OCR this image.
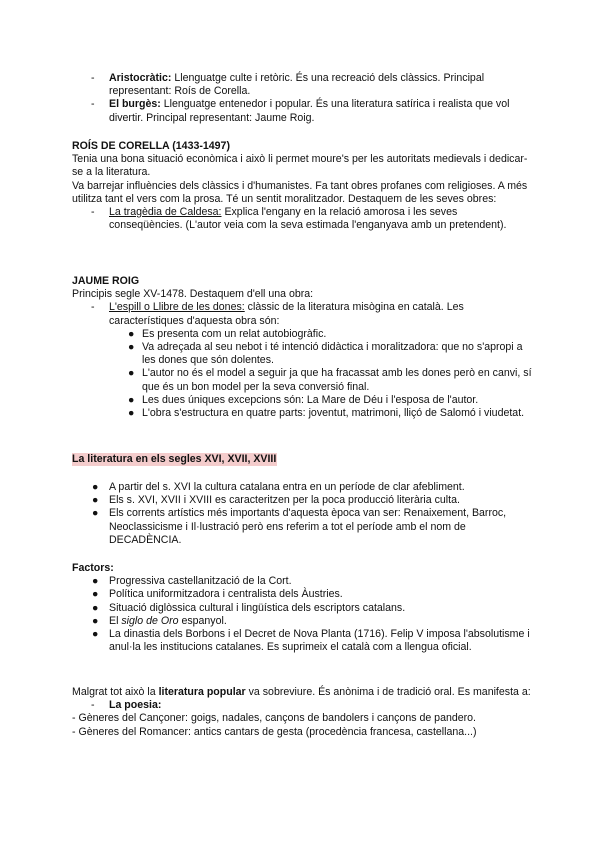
- Aristocràtic: Llenguatge culte i retòric. És una recreació dels clàssics. Principal representant: Roís de Corella.
- El burgès: Llenguatge entenedor i popular. És una literatura satírica i realista que vol divertir. Principal representant: Jaume Roig.

ROÍS DE CORELLA (1433-1497)

Tenia una bona situació econòmica i això li permet moure's per les autoritats medievals i dedicar-se a la literatura.

Va barrejar influències dels clàssics i d'humanistes. Fa tant obres profanes com religioses. A més utilitza tant el vers com la prosa. Té un sentit moralitzador. Destaquem de les seves obres:

- La tragèdia de Caldesa: Explica l'engany en la relació amorosa i les seves conseqüències. (L'autor veia com la seva estimada l'enganyava amb un pretendent).

JAUME ROIG

Principis segle XV-1478. Destaquem d'ell una obra:

- L'espill o Llibre de les dones: clàssic de la literatura misògina en català. Les característiques d'aquesta obra són:
● Es presenta com un relat autobiogràfic.
● Va adreçada al seu nebot i té intenció didàctica i moralitzadora: que no s'apropi a les dones que són dolentes.
● L'autor no és el model a seguir ja que ha fracassat amb les dones però en canvi, sí que és un bon model per la seva conversió final.
● Les dues úniques excepcions són: La Mare de Déu i l'esposa de l'autor.
● L'obra s'estructura en quatre parts: joventut, matrimoni, lliçó de Salomó i viudetat.

La literatura en els segles XVI, XVII, XVIII

● A partir del s. XVI la cultura catalana entra en un període de clar afebliment.
● Els s. XVI, XVII i XVIII es caracteritzen per la poca producció literària culta.
● Els corrents artístics més importants d'aquesta època van ser: Renaixement, Barroc, Neoclassicisme i Il·lustració però ens referim a tot el període amb el nom de DECADÈNCIA.

Factors:

● Progressiva castellanització de la Cort.
● Política uniformitzadora i centralista dels Àustries.
● Situació diglòssica cultural i lingüística dels escriptors catalans.
● El siglo de Oro espanyol.
● La dinastia dels Borbons i el Decret de Nova Planta (1716). Felip V imposa l'absolutisme i anul·la les institucions catalanes. Es suprimeix el català com a llengua oficial.

Malgrat tot això la literatura popular va sobreviure. És anònima i de tradició oral. Es manifesta a:

- La poesia:

- Gèneres del Cançoner: goigs, nadales, cançons de bandolers i cançons de pandero.

- Gèneres del Romancer: antics cantars de gesta (procedència francesa, castellana...)
